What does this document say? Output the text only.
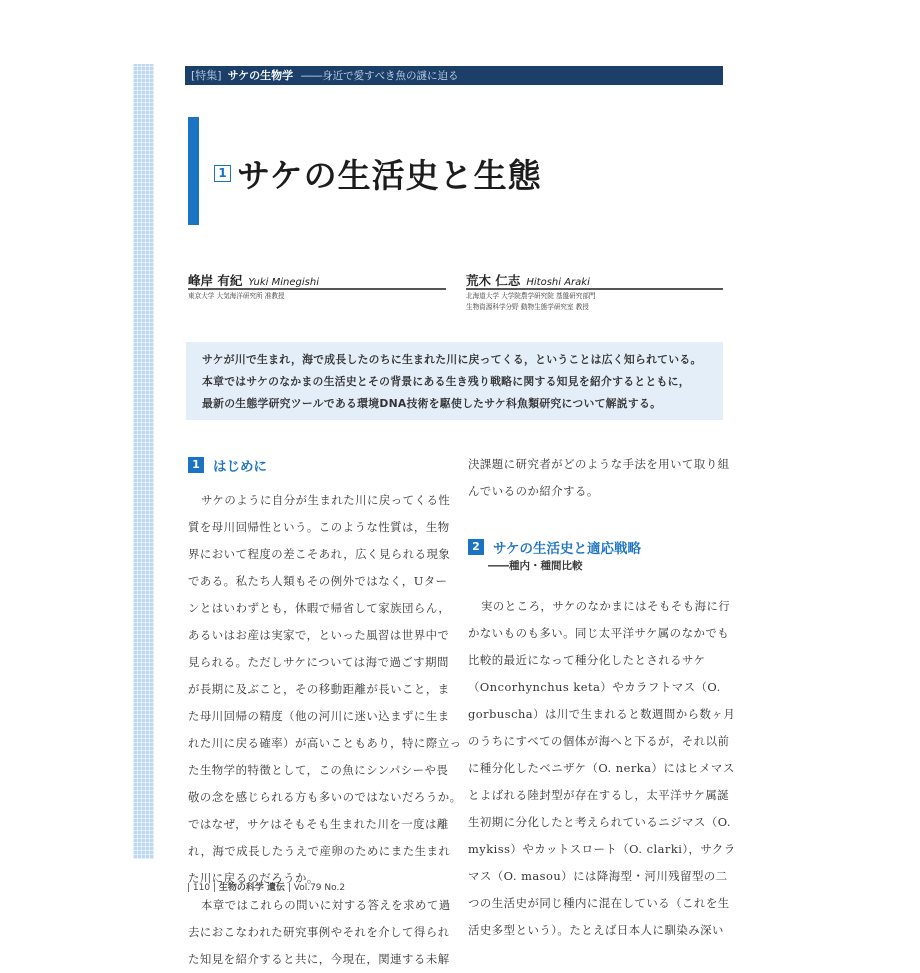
[特集] サケの生物学 ――身近で愛すべき魚の謎に迫る
1 サケの生活史と生態
峰岸 有紀 Yuki Minegishi
東京大学 大気海洋研究所 准教授
荒木 仁志 Hitoshi Araki
北海道大学 大学院農学研究院 基盤研究部門
生物資源科学分野 動物生態学研究室 教授

サケが川で生まれ，海で成長したのちに生まれた川に戻ってくる，ということは広く知られている。

本章ではサケのなかまの生活史とその背景にある生き残り戦略に関する知見を紹介するとともに，

最新の生態学研究ツールである環境DNA技術を駆使したサケ科魚類研究について解説する。

1 はじめに
サケのように自分が生まれた川に戻ってくる性
質を母川回帰性という。このような性質は，生物
界において程度の差こそあれ，広く見られる現象
である。私たち人類もその例外ではなく，Uター
ンとはいわずとも，休暇で帰省して家族団らん，
あるいはお産は実家で，といった風習は世界中で
見られる。ただしサケについては海で過ごす期間
が長期に及ぶこと，その移動距離が長いこと，ま
た母川回帰の精度（他の河川に迷い込まずに生ま
れた川に戻る確率）が高いこともあり，特に際立っ
た生物学的特徴として，この魚にシンパシーや畏
敬の念を感じられる方も多いのではないだろうか。
ではなぜ，サケはそもそも生まれた川を一度は離
れ，海で成長したうえで産卵のためにまた生まれ
た川に戻るのだろうか。
本章ではこれらの問いに対する答えを求めて過
去におこなわれた研究事例やそれを介して得られ
た知見を紹介すると共に，今現在，関連する未解
決課題に研究者がどのような手法を用いて取り組
んでいるのか紹介する。
2 サケの生活史と適応戦略
――種内・種間比較
実のところ，サケのなかまにはそもそも海に行
かないものも多い。同じ太平洋サケ属のなかでも
比較的最近になって種分化したとされるサケ
（Oncorhynchus keta）やカラフトマス（O.
gorbuscha）は川で生まれると数週間から数ヶ月
のうちにすべての個体が海へと下るが，それ以前
に種分化したベニザケ（O. nerka）にはヒメマス
とよばれる陸封型が存在するし，太平洋サケ属誕
生初期に分化したと考えられているニジマス（O.
mykiss）やカットスロート（O. clarki），サクラ
マス（O. masou）には降海型・河川残留型の二
つの生活史が同じ種内に混在している（これを生
活史多型という）。たとえば日本人に馴染み深い
| 110 | 生物の科学 遺伝 | Vol.79 No.2
